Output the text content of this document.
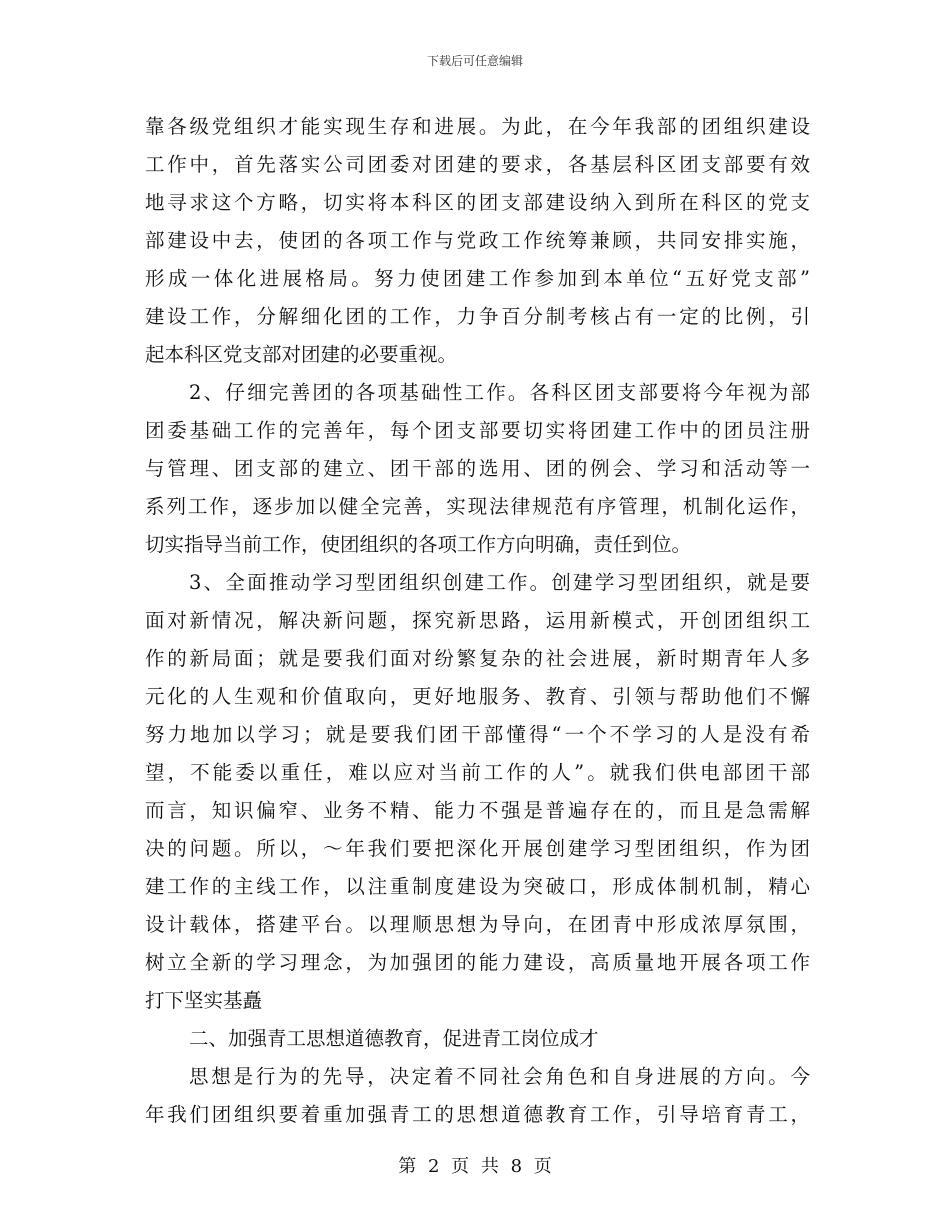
下载后可任意编辑
靠各级党组织才能实现生存和进展。为此，在今年我部的团组织建设
工作中，首先落实公司团委对团建的要求，各基层科区团支部要有效
地寻求这个方略，切实将本科区的团支部建设纳入到所在科区的党支
部建设中去，使团的各项工作与党政工作统筹兼顾，共同安排实施，
形成一体化进展格局。努力使团建工作参加到本单位“五好党支部”
建设工作，分解细化团的工作，力争百分制考核占有一定的比例，引
起本科区党支部对团建的必要重视。
2、仔细完善团的各项基础性工作。各科区团支部要将今年视为部
团委基础工作的完善年，每个团支部要切实将团建工作中的团员注册
与管理、团支部的建立、团干部的选用、团的例会、学习和活动等一
系列工作，逐步加以健全完善，实现法律规范有序管理，机制化运作，
切实指导当前工作，使团组织的各项工作方向明确，责任到位。
3、全面推动学习型团组织创建工作。创建学习型团组织，就是要
面对新情况，解决新问题，探究新思路，运用新模式，开创团组织工
作的新局面；就是要我们面对纷繁复杂的社会进展，新时期青年人多
元化的人生观和价值取向，更好地服务、教育、引领与帮助他们不懈
努力地加以学习；就是要我们团干部懂得“一个不学习的人是没有希
望，不能委以重任，难以应对当前工作的人”。就我们供电部团干部
而言，知识偏窄、业务不精、能力不强是普遍存在的，而且是急需解
决的问题。所以，～年我们要把深化开展创建学习型团组织，作为团
建工作的主线工作，以注重制度建设为突破口，形成体制机制，精心
设计载体，搭建平台。以理顺思想为导向，在团青中形成浓厚氛围，
树立全新的学习理念，为加强团的能力建设，高质量地开展各项工作
打下坚实基矗
二、加强青工思想道德教育，促进青工岗位成才
思想是行为的先导，决定着不同社会角色和自身进展的方向。今
年我们团组织要着重加强青工的思想道德教育工作，引导培育青工，
第 2 页 共 8 页
